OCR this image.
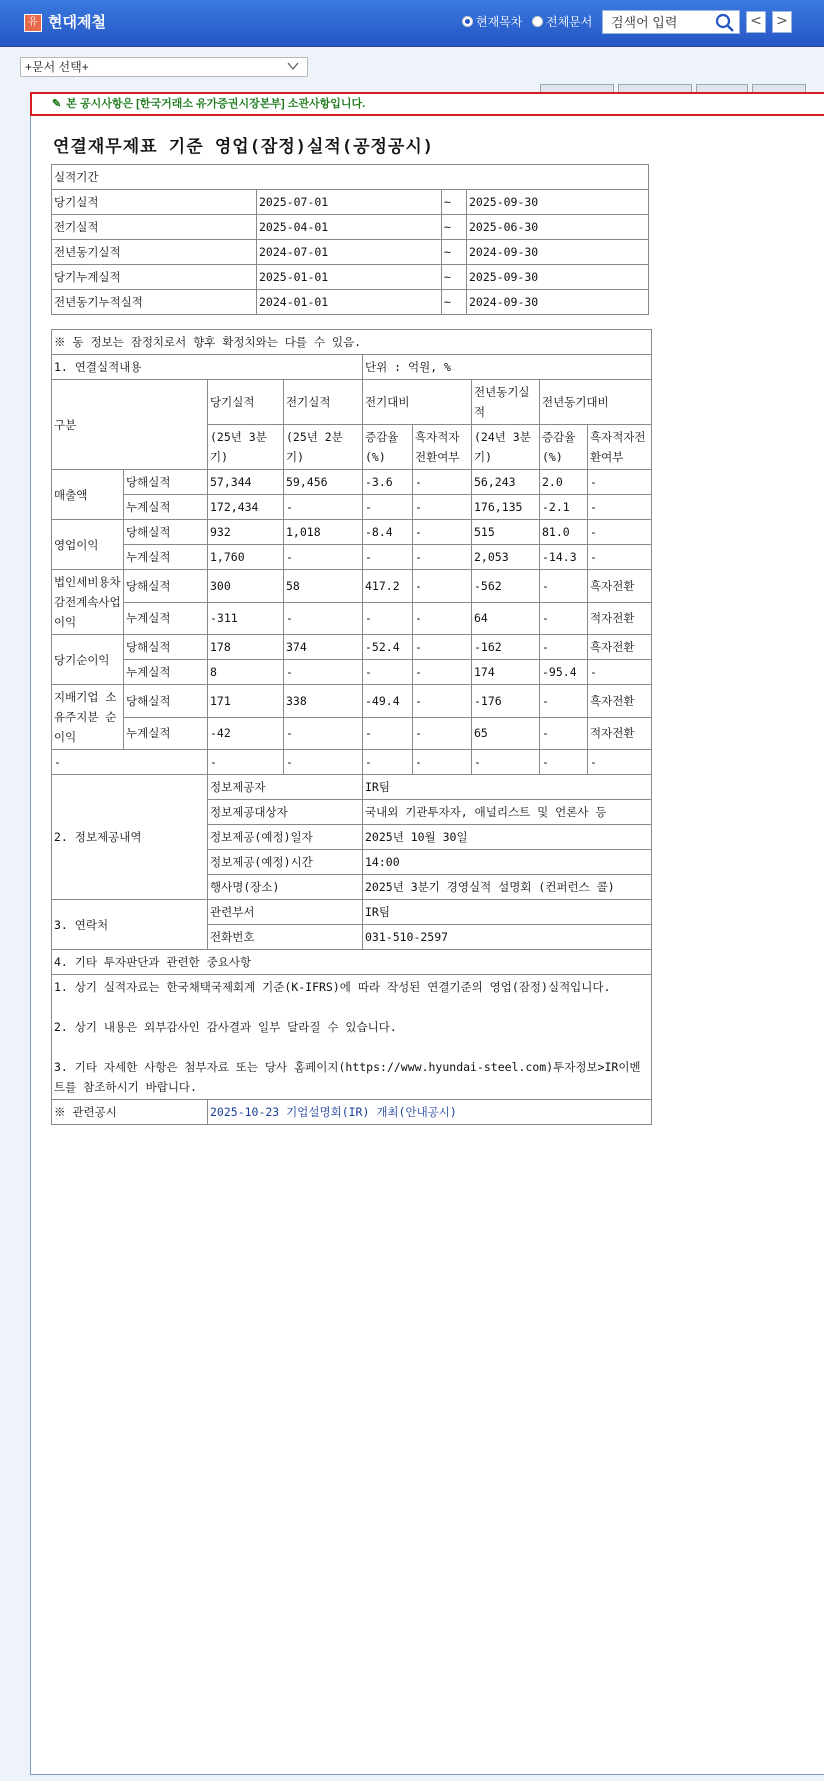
유 현대제철	현재목차 전체문서
검색어 입력	< >
+문서 선택+
✎ 본 공시사항은 [한국거래소 유가증권시장본부] 소관사항입니다.
연결재무제표 기준 영업(잠정)실적(공정공시)
실적기간			
당기실적	2025-07-01	~	2025-09-30
전기실적	2025-04-01	~	2025-06-30
전년동기실적	2024-07-01	~	2024-09-30
당기누계실적	2025-01-01	~	2025-09-30
전년동기누적실적	2024-01-01	~	2024-09-30
※ 동 정보는 잠정치로서 향후 확정치와는 다를 수 있음.								
1. 연결실적내용				단위 : 억원, %				
구분		당기실적	전기실적	전기대비		전년동기실적	전년동기대비	
		(25년 3분기)	(25년 2분기)	증감율(%)	흑자적자전환여부	(24년 3분기)	증감율(%)	흑자적자전환여부
매출액	당해실적	57,344	59,456	-3.6	-	56,243	2.0	-
	누계실적	172,434	-	-	-	176,135	-2.1	-
영업이익	당해실적	932	1,018	-8.4	-	515	81.0	-
	누계실적	1,760	-	-	-	2,053	-14.3	-
법인세비용차감전계속사업이익	당해실적	300	58	417.2	-	-562	-	흑자전환
	누계실적	-311	-	-	-	64	-	적자전환
당기순이익	당해실적	178	374	-52.4	-	-162	-	흑자전환
	누계실적	8	-	-	-	174	-95.4	-
지배기업 소유주지분 순이익	당해실적	171	338	-49.4	-	-176	-	흑자전환
	누계실적	-42	-	-	-	65	-	적자전환
-		-	-	-	-	-	-	-
2. 정보제공내역		정보제공자		IR팀				
		정보제공대상자		국내외 기관투자자, 애널리스트 및 언론사 등				
		정보제공(예정)일자		2025년 10월 30일				
		정보제공(예정)시간		14:00				
		행사명(장소)		2025년 3분기 경영실적 설명회 (컨퍼런스 콜)				
3. 연락처		관련부서		IR팀				
		전화번호		031-510-2597				
4. 기타 투자판단과 관련한 중요사항								

1. 상기 실적자료는 한국채택국제회계 기준(K-IFRS)에 따라 작성된 연결기준의 영업(잠정)실적입니다.
2. 상기 내용은 외부감사인 감사결과 일부 달라질 수 있습니다.
3. 기타 자세한 사항은 첨부자료 또는 당사 홈페이지(https://www.hyundai-steel.com)투자정보>IR이벤트를 참조하시기 바랍니다.								

※ 관련공시		2025-10-23 기업설명회(IR) 개최(안내공시)						
